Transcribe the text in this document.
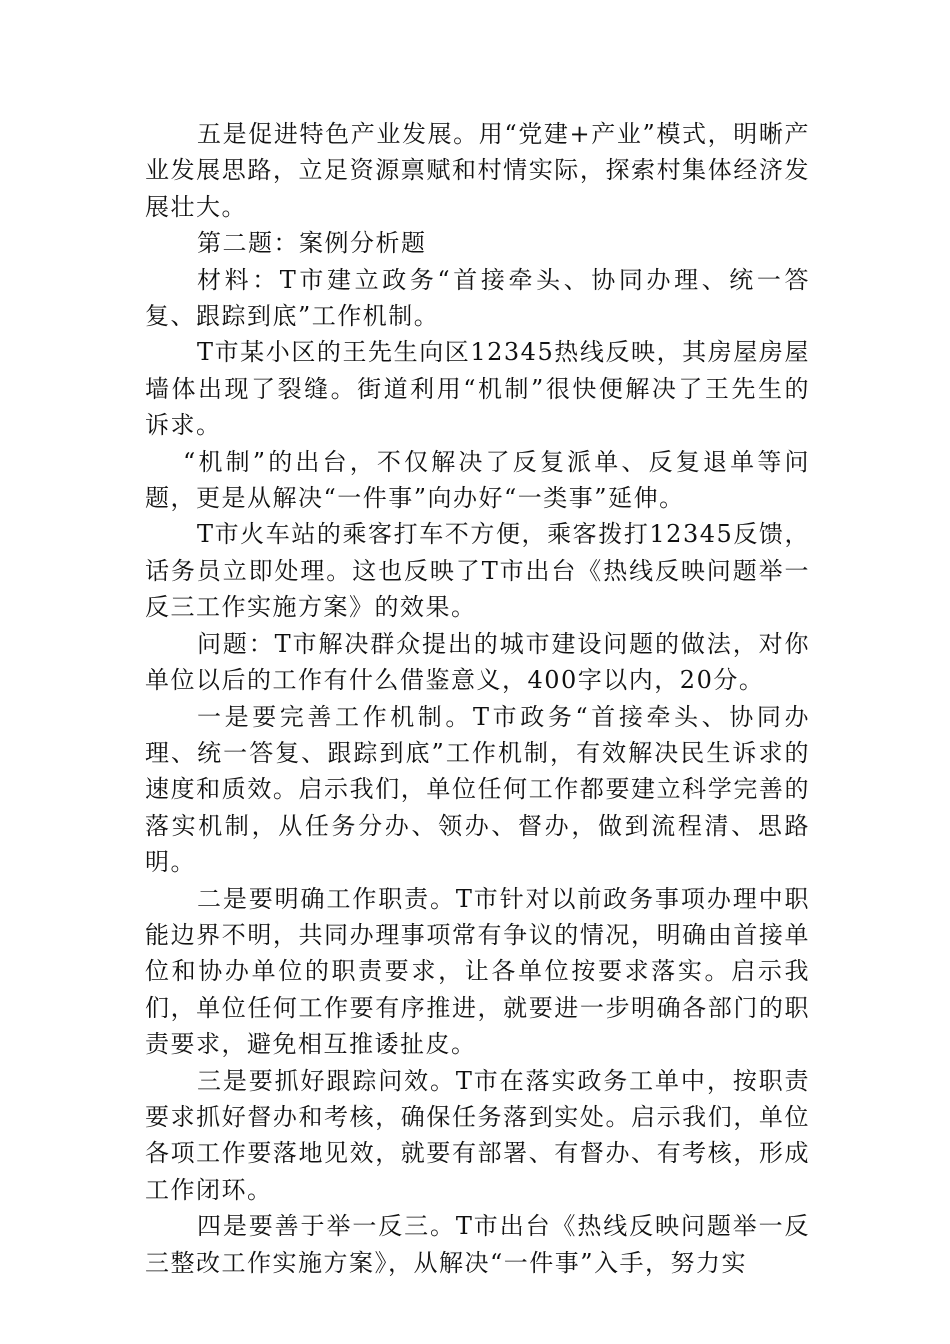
五是促进特色产业发展。用“党建+产业”模式，明晰产业发展思路，立足资源禀赋和村情实际，探索村集体经济发展壮大。

第二题：案例分析题

材料：T市建立政务“首接牵头、协同办理、统一答复、跟踪到底”工作机制。

T市某小区的王先生向区12345热线反映，其房屋房屋墙体出现了裂缝。街道利用“机制”很快便解决了王先生的诉求。

“机制”的出台，不仅解决了反复派单、反复退单等问题，更是从解决“一件事”向办好“一类事”延伸。

T市火车站的乘客打车不方便，乘客拨打12345反馈，话务员立即处理。这也反映了T市出台《热线反映问题举一反三工作实施方案》的效果。

问题：T市解决群众提出的城市建设问题的做法，对你单位以后的工作有什么借鉴意义，400字以内，20分。

一是要完善工作机制。T市政务“首接牵头、协同办理、统一答复、跟踪到底”工作机制，有效解决民生诉求的速度和质效。启示我们，单位任何工作都要建立科学完善的落实机制，从任务分办、领办、督办，做到流程清、思路明。

二是要明确工作职责。T市针对以前政务事项办理中职能边界不明，共同办理事项常有争议的情况，明确由首接单位和协办单位的职责要求，让各单位按要求落实。启示我们，单位任何工作要有序推进，就要进一步明确各部门的职责要求，避免相互推诿扯皮。

三是要抓好跟踪问效。T市在落实政务工单中，按职责要求抓好督办和考核，确保任务落到实处。启示我们，单位各项工作要落地见效，就要有部署、有督办、有考核，形成工作闭环。

四是要善于举一反三。T市出台《热线反映问题举一反三整改工作实施方案》，从解决“一件事”入手，努力实
